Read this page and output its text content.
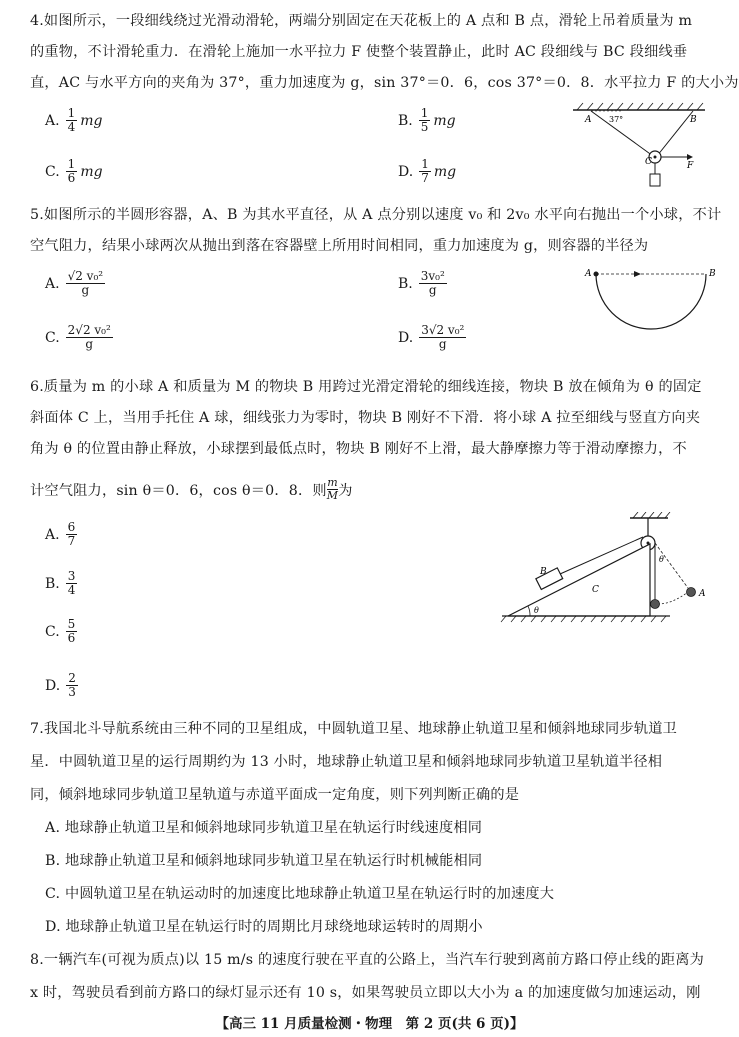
4.如图所示，一段细线绕过光滑动滑轮，两端分别固定在天花板上的 A 点和 B 点，滑轮上吊着质量为 m
的重物，不计滑轮重力．在滑轮上施加一水平拉力 F 使整个装置静止，此时 AC 段细线与 BC 段细线垂
直，AC 与水平方向的夹角为 37°，重力加速度为 g，sin 37°＝0．6，cos 37°＝0．8．水平拉力 F 的大小为
A. $\frac{1}{4}$ mg	B. $\frac{1}{5}$ mg
C. $\frac{1}{6}$ mg	D. $\frac{1}{7}$ mg
A 37°	B
C	F
5.如图所示的半圆形容器，A、B 为其水平直径，从 A 点分别以速度 v₀ 和 2v₀ 水平向右抛出一个小球，不计
空气阻力，结果小球两次从抛出到落在容器壁上所用时间相同，重力加速度为 g，则容器的半径为
A. $\frac{\text{√2 v₀²}}{g}$	B. $\frac{\text{3v₀²}}{g}$
C. $\frac{\text{2√2 v₀²}}{g}$	D. $\frac{\text{3√2 v₀²}}{g}$
A	B
6.质量为 m 的小球 A 和质量为 M 的物块 B 用跨过光滑定滑轮的细线连接，物块 B 放在倾角为 θ 的固定
斜面体 C 上，当用手托住 A 球，细线张力为零时，物块 B 刚好不下滑．将小球 A 拉至细线与竖直方向夹
角为 θ 的位置由静止释放，小球摆到最低点时，物块 B 刚好不上滑，最大静摩擦力等于滑动摩擦力，不
计空气阻力，sin θ＝0．6，cos θ＝0．8．则 $\frac{m}{M}$ 为
A. $\frac{6}{7}$
B. $\frac{3}{4}$
C. $\frac{5}{6}$
D. $\frac{2}{3}$
B
C
θ
θ
A
7.我国北斗导航系统由三种不同的卫星组成，中圆轨道卫星、地球静止轨道卫星和倾斜地球同步轨道卫
星．中圆轨道卫星的运行周期约为 13 小时，地球静止轨道卫星和倾斜地球同步轨道卫星轨道半径相
同，倾斜地球同步轨道卫星轨道与赤道平面成一定角度，则下列判断正确的是
A. 地球静止轨道卫星和倾斜地球同步轨道卫星在轨运行时线速度相同
B. 地球静止轨道卫星和倾斜地球同步轨道卫星在轨运行时机械能相同
C. 中圆轨道卫星在轨运动时的加速度比地球静止轨道卫星在轨运行时的加速度大
D. 地球静止轨道卫星在轨运行时的周期比月球绕地球运转时的周期小
8.一辆汽车(可视为质点)以 15 m/s 的速度行驶在平直的公路上，当汽车行驶到离前方路口停止线的距离为
x 时，驾驶员看到前方路口的绿灯显示还有 10 s，如果驾驶员立即以大小为 a 的加速度做匀加速运动，刚
【高三 11 月质量检测・物理　第 2 页(共 6 页)】
